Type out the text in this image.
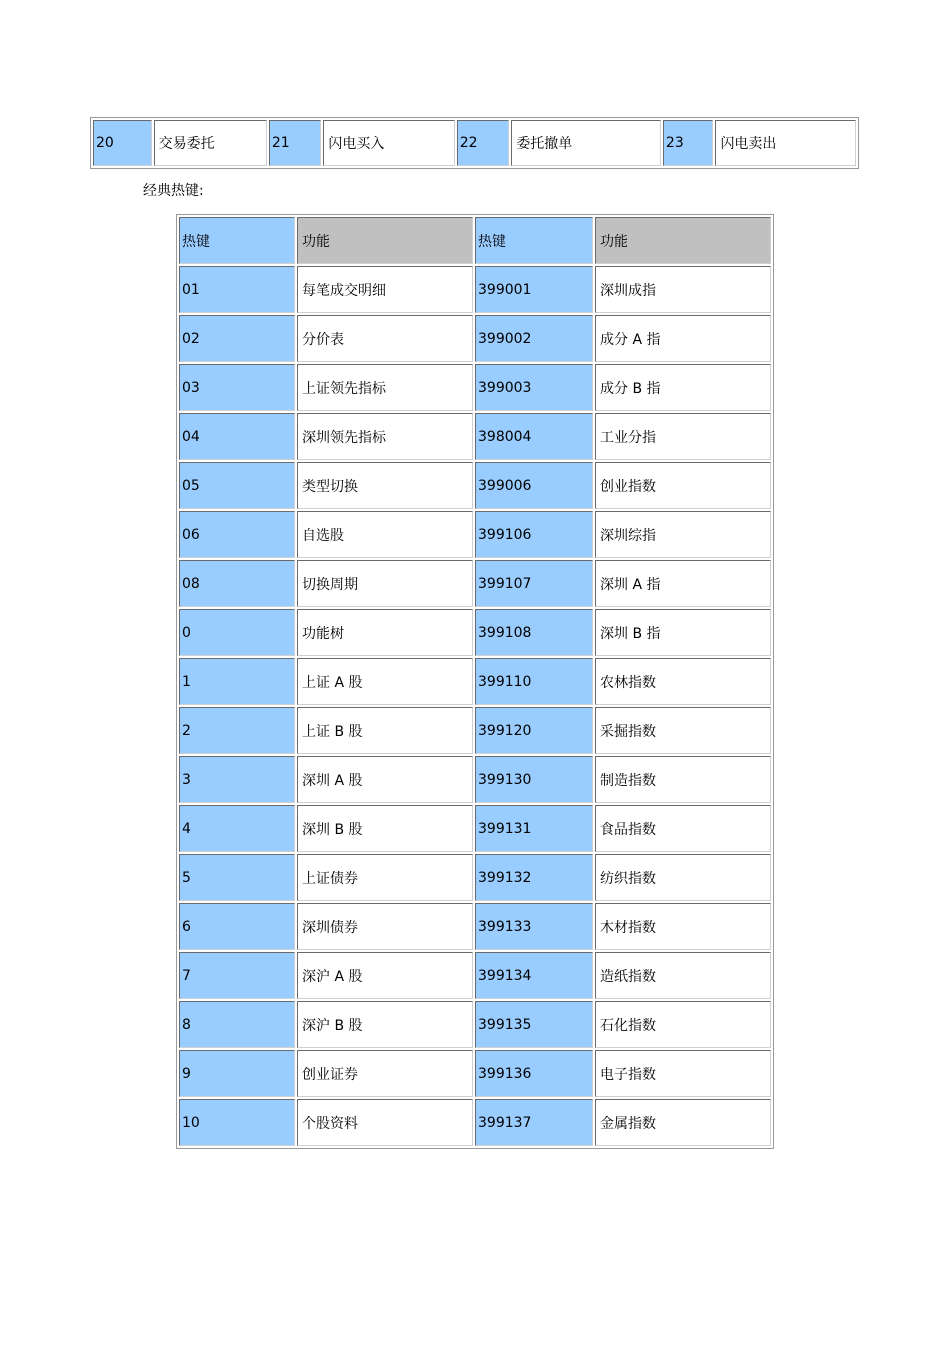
20	交易委托	21	闪电买入	22	委托撤单	23	闪电卖出
经典热键:
热键	功能	热键	功能
01	每笔成交明细	399001	深圳成指
02	分价表	399002	成分 A 指
03	上证领先指标	399003	成分 B 指
04	深圳领先指标	398004	工业分指
05	类型切换	399006	创业指数
06	自选股	399106	深圳综指
08	切换周期	399107	深圳 A 指
0	功能树	399108	深圳 B 指
1	上证 A 股	399110	农林指数
2	上证 B 股	399120	采掘指数
3	深圳 A 股	399130	制造指数
4	深圳 B 股	399131	食品指数
5	上证债券	399132	纺织指数
6	深圳债券	399133	木材指数
7	深沪 A 股	399134	造纸指数
8	深沪 B 股	399135	石化指数
9	创业证券	399136	电子指数
10	个股资料	399137	金属指数
